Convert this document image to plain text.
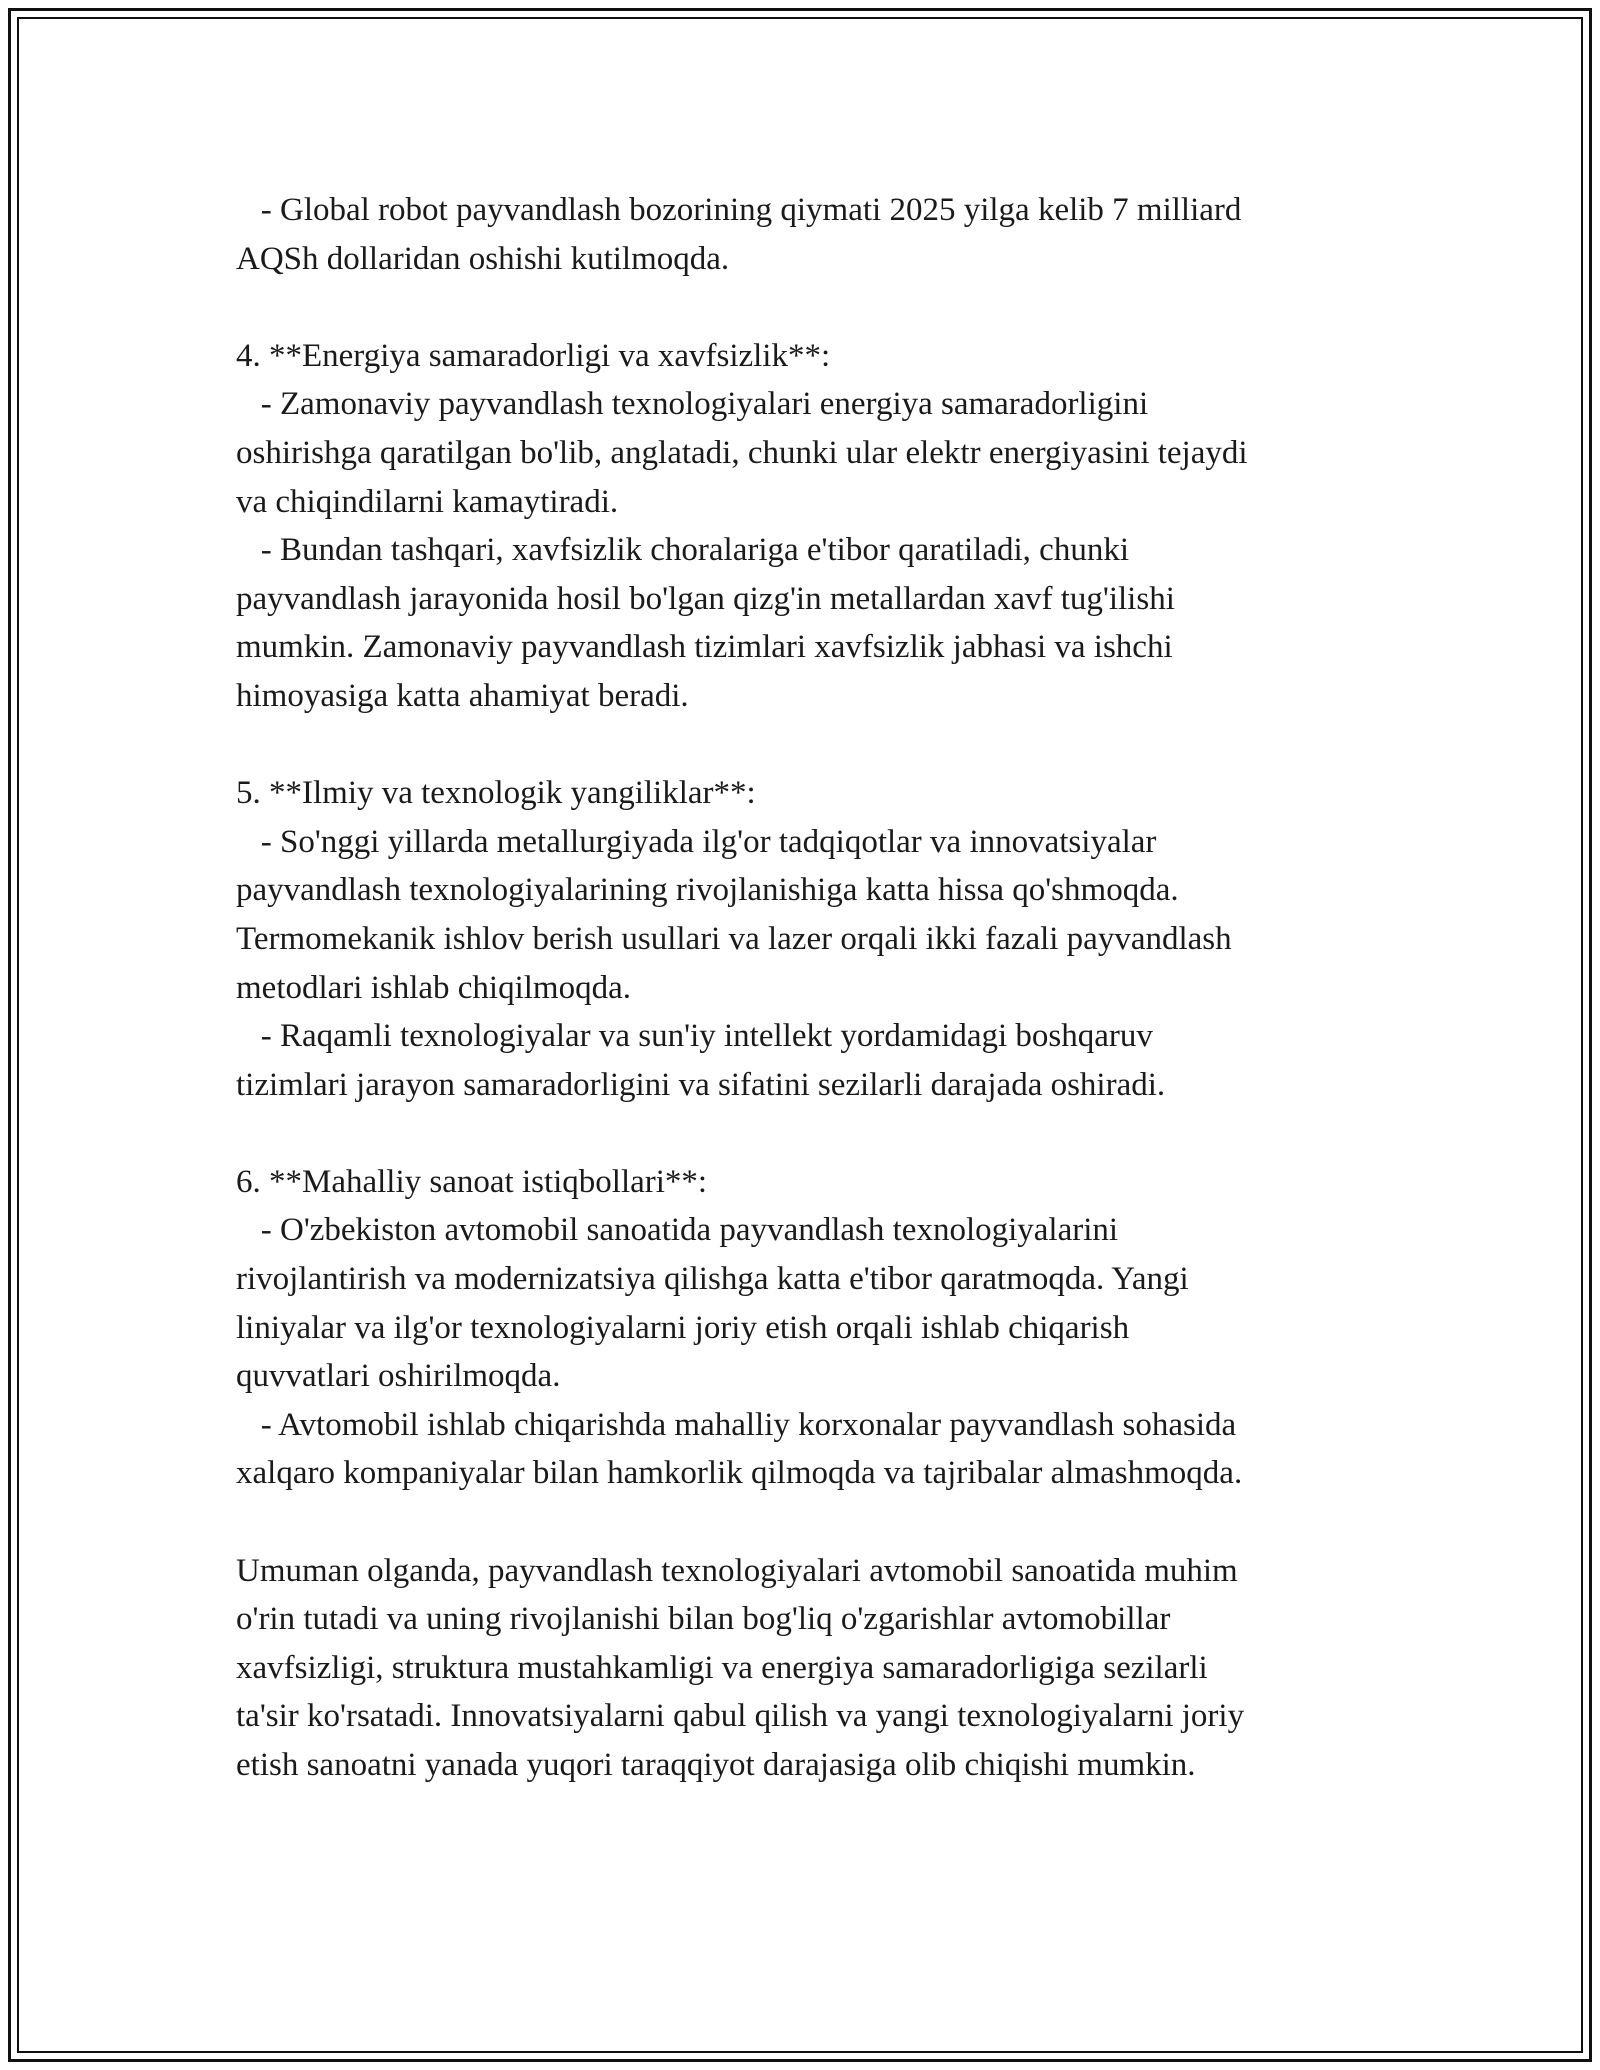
- Global robot payvandlash bozorining qiymati 2025 yilga kelib 7 milliard
AQSh dollaridan oshishi kutilmoqda.
4. **Energiya samaradorligi va xavfsizlik**:
- Zamonaviy payvandlash texnologiyalari energiya samaradorligini
oshirishga qaratilgan bo'lib, anglatadi, chunki ular elektr energiyasini tejaydi
va chiqindilarni kamaytiradi.
- Bundan tashqari, xavfsizlik choralariga e'tibor qaratiladi, chunki
payvandlash jarayonida hosil bo'lgan qizg'in metallardan xavf tug'ilishi
mumkin. Zamonaviy payvandlash tizimlari xavfsizlik jabhasi va ishchi
himoyasiga katta ahamiyat beradi.
5. **Ilmiy va texnologik yangiliklar**:
- So'nggi yillarda metallurgiyada ilg'or tadqiqotlar va innovatsiyalar
payvandlash texnologiyalarining rivojlanishiga katta hissa qo'shmoqda.
Termomekanik ishlov berish usullari va lazer orqali ikki fazali payvandlash
metodlari ishlab chiqilmoqda.
- Raqamli texnologiyalar va sun'iy intellekt yordamidagi boshqaruv
tizimlari jarayon samaradorligini va sifatini sezilarli darajada oshiradi.
6. **Mahalliy sanoat istiqbollari**:
- O'zbekiston avtomobil sanoatida payvandlash texnologiyalarini
rivojlantirish va modernizatsiya qilishga katta e'tibor qaratmoqda. Yangi
liniyalar va ilg'or texnologiyalarni joriy etish orqali ishlab chiqarish
quvvatlari oshirilmoqda.
- Avtomobil ishlab chiqarishda mahalliy korxonalar payvandlash sohasida
xalqaro kompaniyalar bilan hamkorlik qilmoqda va tajribalar almashmoqda.
Umuman olganda, payvandlash texnologiyalari avtomobil sanoatida muhim
o'rin tutadi va uning rivojlanishi bilan bog'liq o'zgarishlar avtomobillar
xavfsizligi, struktura mustahkamligi va energiya samaradorligiga sezilarli
ta'sir ko'rsatadi. Innovatsiyalarni qabul qilish va yangi texnologiyalarni joriy
etish sanoatni yanada yuqori taraqqiyot darajasiga olib chiqishi mumkin.
